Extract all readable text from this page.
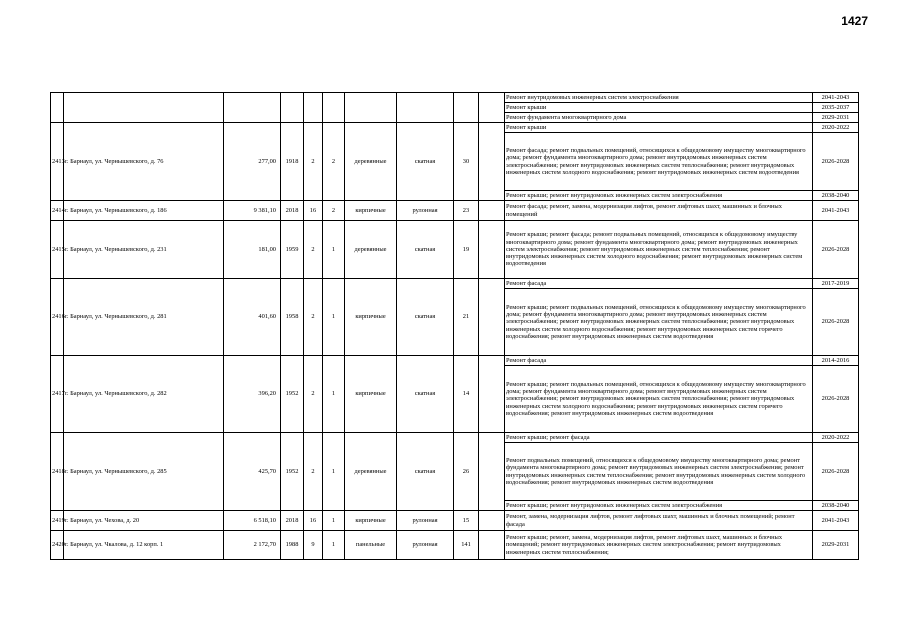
1427
										Ремонт внутридомовых инженерных систем электроснабжения	2041-2043
										Ремонт крыши	2035-2037
										Ремонт фундамента многоквартирного дома	2029-2031
2413	г. Барнаул, ул. Чернышевского, д. 76	277,00	1918	2	2	деревянные	скатная	30		Ремонт крыши	2020-2022
										Ремонт фасада; ремонт подвальных помещений, относящихся к общедомовому имуществу многоквартирного дома; ремонт фундамента многоквартирного дома; ремонт внутридомовых инженерных систем электроснабжения; ремонт внутридомовых инженерных систем теплоснабжения; ремонт внутридомовых инженерных систем холодного водоснабжения; ремонт внутридомовых инженерных систем водоотведения	2026-2028
										Ремонт крыши; ремонт внутридомовых инженерных систем электроснабжения	2038-2040
2414	г. Барнаул, ул. Чернышевского, д. 186	9 381,10	2018	16	2	кирпичные	рулонная	23		Ремонт фасада; ремонт, замена, модернизация лифтов, ремонт лифтовых шахт, машинных и блочных помещений	2041-2043
2415	г. Барнаул, ул. Чернышевского, д. 231	181,00	1959	2	1	деревянные	скатная	19		Ремонт крыши; ремонт фасада; ремонт подвальных помещений, относящихся к общедомовому имуществу многоквартирного дома; ремонт фундамента многоквартирного дома; ремонт внутридомовых инженерных систем электроснабжения; ремонт внутридомовых инженерных систем теплоснабжения; ремонт внутридомовых инженерных систем холодного водоснабжения; ремонт внутридомовых инженерных систем водоотведения	2026-2028
2416	г. Барнаул, ул. Чернышевского, д. 281	401,60	1958	2	1	кирпичные	скатная	21		Ремонт фасада	2017-2019
										Ремонт крыши; ремонт подвальных помещений, относящихся к общедомовому имуществу многоквартирного дома; ремонт фундамента многоквартирного дома; ремонт внутридомовых инженерных систем электроснабжения; ремонт внутридомовых инженерных систем теплоснабжения; ремонт внутридомовых инженерных систем холодного водоснабжения; ремонт внутридомовых инженерных систем горячего водоснабжения; ремонт внутридомовых инженерных систем водоотведения	2026-2028
2417	г. Барнаул, ул. Чернышевского, д. 282	396,20	1952	2	1	кирпичные	скатная	14		Ремонт фасада	2014-2016
										Ремонт крыши; ремонт подвальных помещений, относящихся к общедомовому имуществу многоквартирного дома; ремонт фундамента многоквартирного дома; ремонт внутридомовых инженерных систем электроснабжения; ремонт внутридомовых инженерных систем теплоснабжения; ремонт внутридомовых инженерных систем холодного водоснабжения; ремонт внутридомовых инженерных систем горячего водоснабжения; ремонт внутридомовых инженерных систем водоотведения	2026-2028
2418	г. Барнаул, ул. Чернышевского, д. 285	425,70	1952	2	1	деревянные	скатная	26		Ремонт крыши; ремонт фасада	2020-2022
										Ремонт подвальных помещений, относящихся к общедомовому имуществу многоквартирного дома; ремонт фундамента многоквартирного дома; ремонт внутридомовых инженерных систем электроснабжения; ремонт внутридомовых инженерных систем теплоснабжения; ремонт внутридомовых инженерных систем холодного водоснабжения; ремонт внутридомовых инженерных систем водоотведения	2026-2028
										Ремонт крыши; ремонт внутридомовых инженерных систем электроснабжения	2038-2040
2419	г. Барнаул, ул. Чехова, д. 20	6 518,10	2018	16	1	кирпичные	рулонная	15		Ремонт, замена, модернизация лифтов, ремонт лифтовых шахт, машинных и блочных помещений; ремонт фасада	2041-2043
2420	г. Барнаул, ул. Чкалова, д. 12 корп. 1	2 172,70	1988	9	1	панельные	рулонная	141		Ремонт крыши; ремонт, замена, модернизация лифтов, ремонт лифтовых шахт, машинных и блочных помещений; ремонт внутридомовых инженерных систем электроснабжения; ремонт внутридомовых инженерных систем теплоснабжения;	2029-2031
